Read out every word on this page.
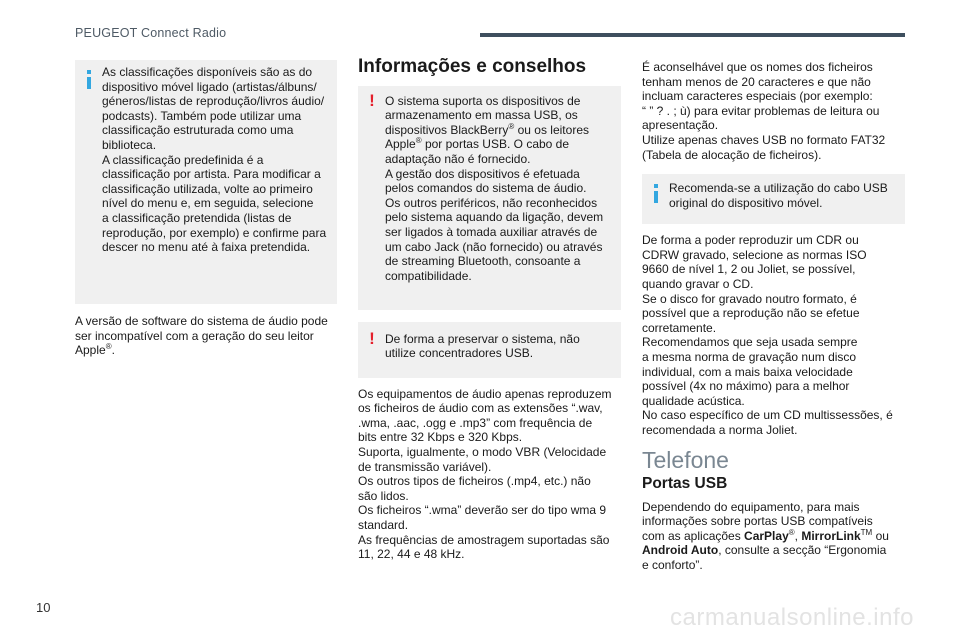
PEUGEOT Connect Radio
As classificações disponíveis são as do
dispositivo móvel ligado (artistas/álbuns/
géneros/listas de reprodução/livros áudio/
podcasts). Também pode utilizar uma
classificação estruturada como uma
biblioteca.
A classificação predefinida é a
classificação por artista. Para modificar a
classificação utilizada, volte ao primeiro
nível do menu e, em seguida, selecione
a classificação pretendida (listas de
reprodução, por exemplo) e confirme para
descer no menu até à faixa pretendida.
A versão de software do sistema de áudio pode
ser incompatível com a geração do seu leitor
Apple®.
Informações e conselhos
! O sistema suporta os dispositivos de
armazenamento em massa USB, os
dispositivos BlackBerry® ou os leitores
Apple® por portas USB. O cabo de
adaptação não é fornecido.
A gestão dos dispositivos é efetuada
pelos comandos do sistema de áudio.
Os outros periféricos, não reconhecidos
pelo sistema aquando da ligação, devem
ser ligados à tomada auxiliar através de
um cabo Jack (não fornecido) ou através
de streaming Bluetooth, consoante a
compatibilidade.
! De forma a preservar o sistema, não
utilize concentradores USB.
Os equipamentos de áudio apenas reproduzem
os ficheiros de áudio com as extensões “.wav,
.wma, .aac, .ogg e .mp3” com frequência de
bits entre 32 Kbps e 320 Kbps.
Suporta, igualmente, o modo VBR (Velocidade
de transmissão variável).
Os outros tipos de ficheiros (.mp4, etc.) não
são lidos.
Os ficheiros “.wma” deverão ser do tipo wma 9
standard.
As frequências de amostragem suportadas são
11, 22, 44 e 48 kHz.
É aconselhável que os nomes dos ficheiros
tenham menos de 20 caracteres e que não
incluam caracteres especiais (por exemplo:
“ ” ? . ; ù) para evitar problemas de leitura ou
apresentação.
Utilize apenas chaves USB no formato FAT32
(Tabela de alocação de ficheiros).
Recomenda-se a utilização do cabo USB
original do dispositivo móvel.
De forma a poder reproduzir um CDR ou
CDRW gravado, selecione as normas ISO
9660 de nível 1, 2 ou Joliet, se possível,
quando gravar o CD.
Se o disco for gravado noutro formato, é
possível que a reprodução não se efetue
corretamente.
Recomendamos que seja usada sempre
a mesma norma de gravação num disco
individual, com a mais baixa velocidade
possível (4x no máximo) para a melhor
qualidade acústica.
No caso específico de um CD multissessões, é
recomendada a norma Joliet.
Telefone
Portas USB
Dependendo do equipamento, para mais
informações sobre portas USB compatíveis
com as aplicações CarPlay®, MirrorLink™ ou
Android Auto, consulte a secção “Ergonomia
e conforto”.
10	carmanualsonline.info
